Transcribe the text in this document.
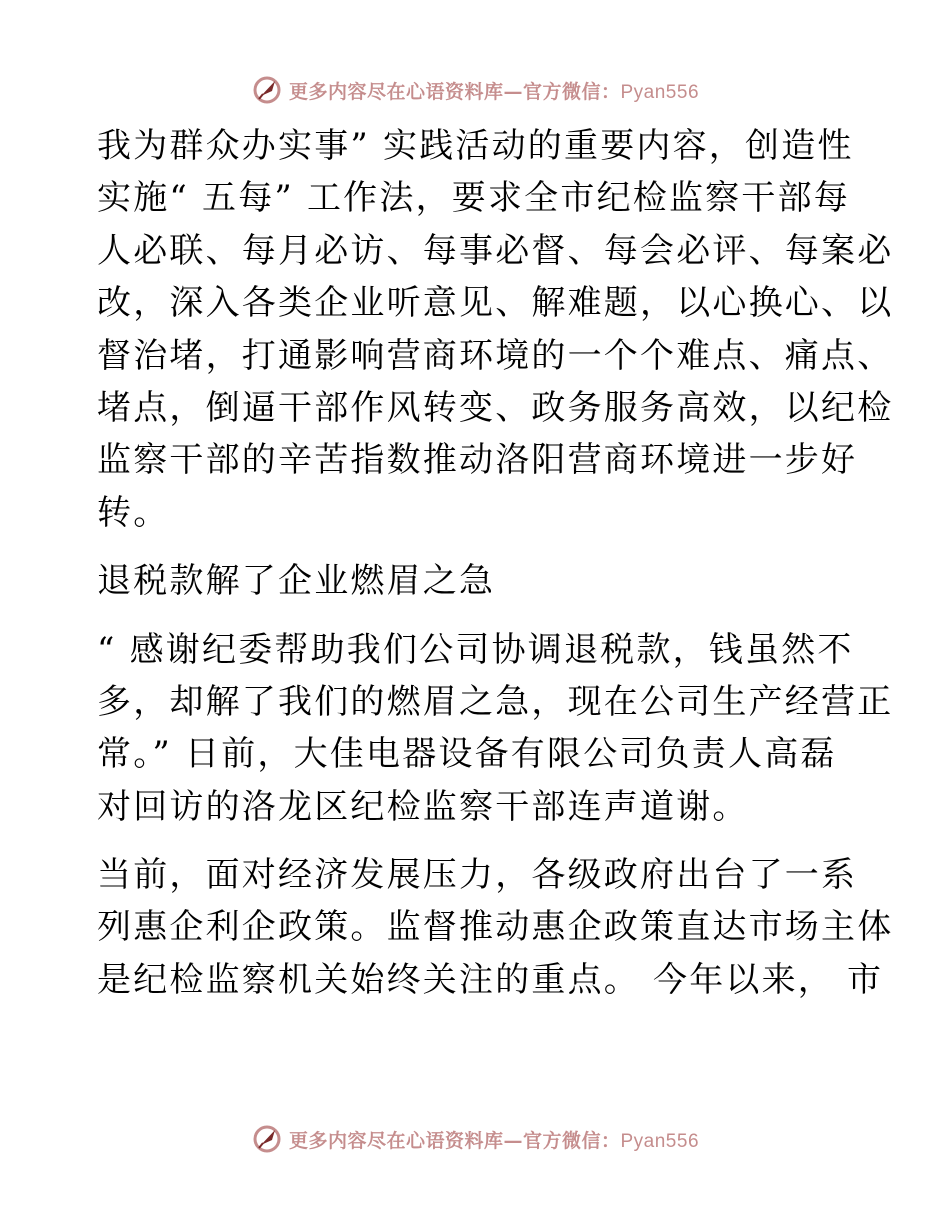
更多内容尽在心语资料库—官方微信：Pyan556
我为群众办实事” 实践活动的重要内容，创造性
实施“ 五每” 工作法，要求全市纪检监察干部每
人必联、每月必访、每事必督、每会必评、每案必
改，深入各类企业听意见、解难题，以心换心、以
督治堵，打通影响营商环境的一个个难点、痛点、
堵点，倒逼干部作风转变、政务服务高效，以纪检
监察干部的辛苦指数推动洛阳营商环境进一步好
转。
退税款解了企业燃眉之急
“ 感谢纪委帮助我们公司协调退税款，钱虽然不
多，却解了我们的燃眉之急，现在公司生产经营正
常。” 日前，大佳电器设备有限公司负责人高磊
对回访的洛龙区纪检监察干部连声道谢。
当前，面对经济发展压力，各级政府出台了一系
列惠企利企政策。监督推动惠企政策直达市场主体
是纪检监察机关始终关注的重点。 今年以来， 市
更多内容尽在心语资料库—官方微信：Pyan556
